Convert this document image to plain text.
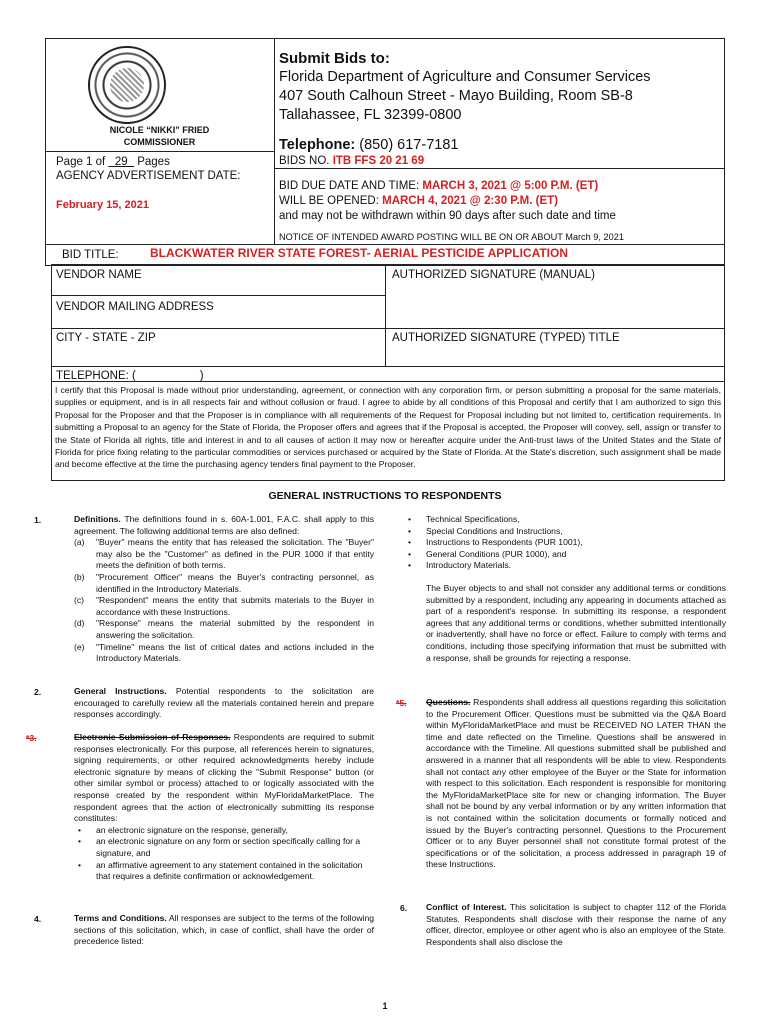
NICOLE “NIKKI” FRIED
COMMISSIONER
Page 1 of 29 Pages
AGENCY ADVERTISEMENT DATE:
February 15, 2021
Submit Bids to:
Florida Department of Agriculture and Consumer Services
407 South Calhoun Street - Mayo Building, Room SB-8
Tallahassee, FL 32399-0800
Telephone: (850) 617-7181
BIDS NO. ITB FFS 20 21 69
BID DUE DATE AND TIME: MARCH 3, 2021 @ 5:00 P.M. (ET)
WILL BE OPENED: MARCH 4, 2021 @ 2:30 P.M. (ET)
and may not be withdrawn within 90 days after such date and time
NOTICE OF INTENDED AWARD POSTING WILL BE ON OR ABOUT March 9, 2021
BID TITLE:	BLACKWATER RIVER STATE FOREST- AERIAL PESTICIDE APPLICATION
VENDOR NAME	AUTHORIZED SIGNATURE (MANUAL)
VENDOR MAILING ADDRESS
CITY - STATE - ZIP	AUTHORIZED SIGNATURE (TYPED) TITLE
TELEPHONE: (                    )
I certify that this Proposal is made without prior understanding, agreement, or connection with any corporation firm, or person submitting a proposal for the same materials, supplies or equipment, and is in all respects fair and without collusion or fraud. I agree to abide by all conditions of this Proposal and certify that I am authorized to sign this Proposal for the Proposer and that the Proposer is in compliance with all requirements of the Request for Proposal including but not limited to, certification requirements. In submitting a Proposal to an agency for the State of Florida, the Proposer offers and agrees that if the Proposal is accepted, the Proposer will convey, sell, assign or transfer to the State of Florida all rights, title and interest in and to all causes of action it may now or hereafter acquire under the Anti-trust laws of the United States and the State of Florida for price fixing relating to the particular commodities or services purchased or acquired by the State of Florida. At the State's discretion, such assignment shall be made and become effective at the time the purchasing agency tenders final payment to the Proposer.
GENERAL INSTRUCTIONS TO RESPONDENTS
1.	Definitions. The definitions found in s. 60A-1.001, F.A.C. shall apply to this agreement. The following additional terms are also defined:

(a) "Buyer" means the entity that has released the solicitation. The "Buyer" may also be the "Customer" as defined in the PUR 1000 if that entity meets the definition of both terms.

(b) "Procurement Officer" means the Buyer's contracting personnel, as identified in the Introductory Materials.

(c) "Respondent" means the entity that submits materials to the Buyer in accordance with these Instructions.

(d) "Response" means the material submitted by the respondent in answering the solicitation.

(e) "Timeline" means the list of critical dates and actions included in the Introductory Materials.

2.	General Instructions. Potential respondents to the solicitation are encouraged to carefully review all the materials contained herein and prepare responses accordingly.

*3.	Electronic Submission of Responses. Respondents are required to submit responses electronically. For this purpose, all references herein to signatures, signing requirements, or other required acknowledgments hereby include electronic signature by means of clicking the "Submit Response" button (or other similar symbol or process) attached to or logically associated with the response created by the respondent within MyFloridaMarketPlace. The respondent agrees that the action of electronically submitting its response constitutes:

• an electronic signature on the response, generally,
• an electronic signature on any form or section specifically calling for a signature, and
• an affirmative agreement to any statement contained in the solicitation that requires a definite confirmation or acknowledgement.
4.	Terms and Conditions. All responses are subject to the terms of the following sections of this solicitation, which, in case of conflict, shall have the order of precedence listed:

• Technical Specifications,
• Special Conditions and Instructions,
• Instructions to Respondents (PUR 1001),
• General Conditions (PUR 1000), and
• Introductory Materials.

The Buyer objects to and shall not consider any additional terms or conditions submitted by a respondent, including any appearing in documents attached as part of a respondent's response. In submitting its response, a respondent agrees that any additional terms or conditions, whether submitted intentionally or inadvertently, shall have no force or effect. Failure to comply with terms and conditions, including those specifying information that must be submitted with a response, shall be grounds for rejecting a response.

*5. Questions. Respondents shall address all questions regarding this solicitation to the Procurement Officer. Questions must be submitted via the Q&A Board within MyFloridaMarketPlace and must be RECEIVED NO LATER THAN the time and date reflected on the Timeline. Questions shall be answered in accordance with the Timeline. All questions submitted shall be published and answered in a manner that all respondents will be able to view. Respondents shall not contact any other employee of the Buyer or the State for information with respect to this solicitation. Each respondent is responsible for monitoring the MyFloridaMarketPlace site for new or changing information. The Buyer shall not be bound by any verbal information or by any written information that is not contained within the solicitation documents or formally noticed and issued by the Buyer's contracting personnel. Questions to the Procurement Officer or to any Buyer personnel shall not constitute formal protest of the specifications or of the solicitation, a process addressed in paragraph 19 of these Instructions.

6. Conflict of Interest. This solicitation is subject to chapter 112 of the Florida Statutes. Respondents shall disclose with their response the name of any officer, director, employee or other agent who is also an employee of the State. Respondents shall also disclose the

1
